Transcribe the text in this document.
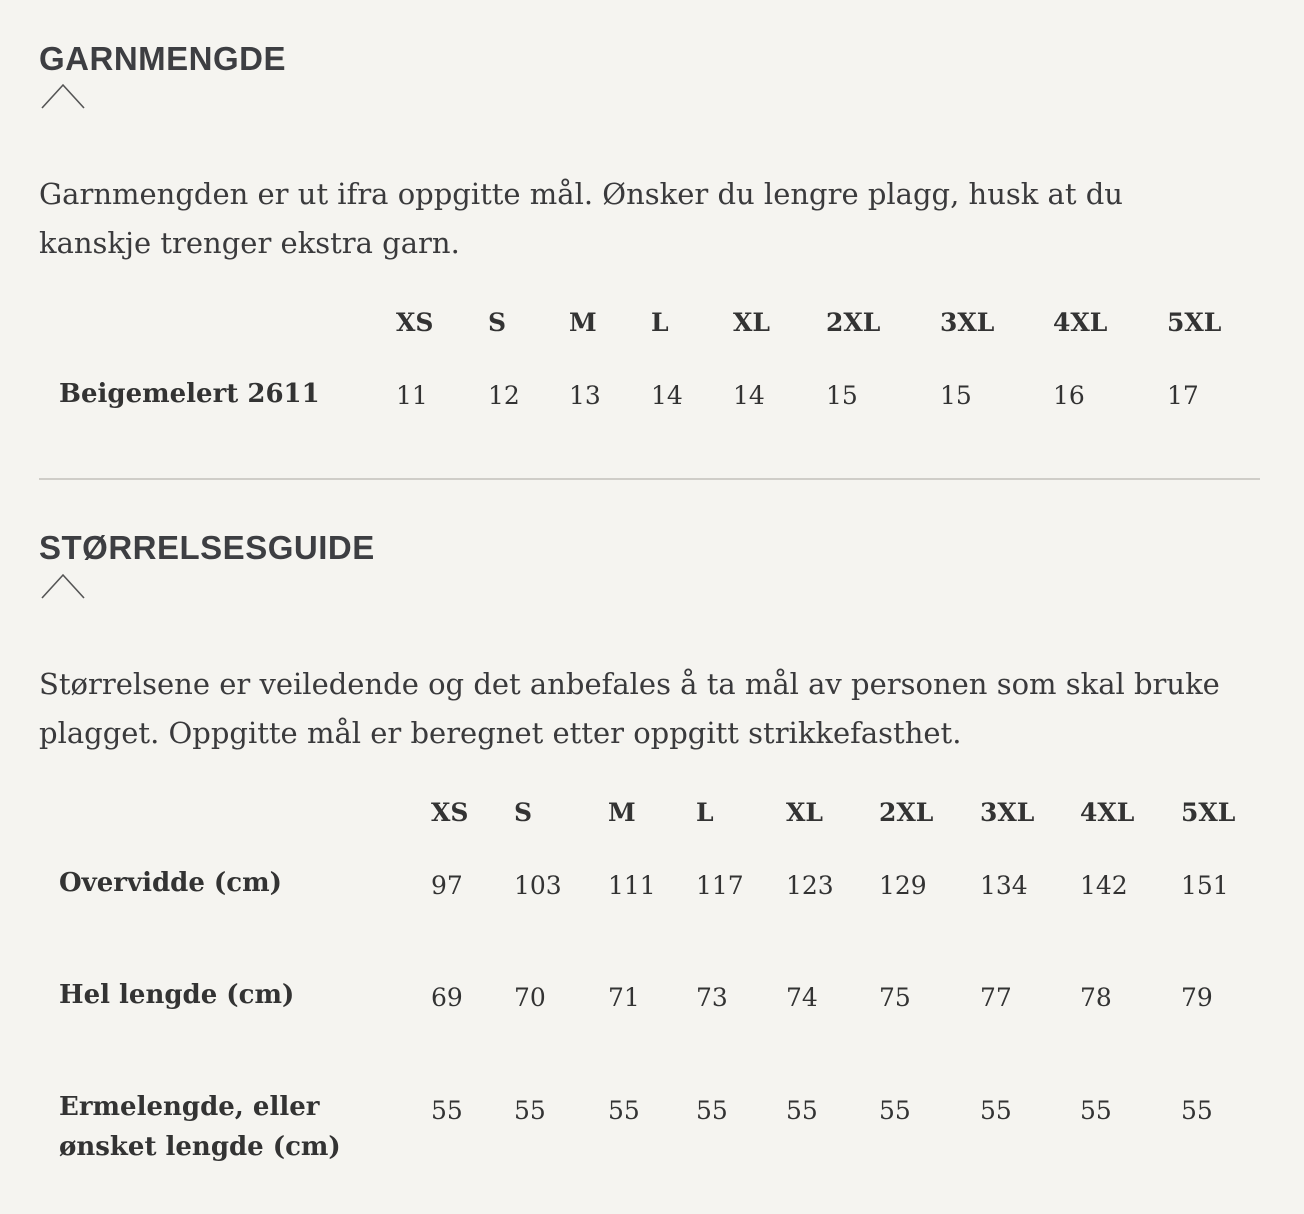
GARNMENGDE

Garnmengden er ut ifra oppgitte mål. Ønsker du lengre plagg, husk at du kanskje trenger ekstra garn.

XS S	M L	XL 2XL 3XL 4XL 5XL
Beigemelert 2611	11 12 13 14 14 15	15	16	17
STØRRELSESGUIDE

Størrelsene er veiledende og det anbefales å ta mål av personen som skal bruke plagget. Oppgitte mål er beregnet etter oppgitt strikkefasthet.

XS S	M L	XL 2XL 3XL 4XL 5XL
Overvidde (cm)	97 103 111 117 123 129 134 142 151
Hel lengde (cm)	69 70 71 73 74 75	77	78	79
Ermelengde, eller ønsket lengde (cm)
55 55 55 55 55 55	55	55	55
